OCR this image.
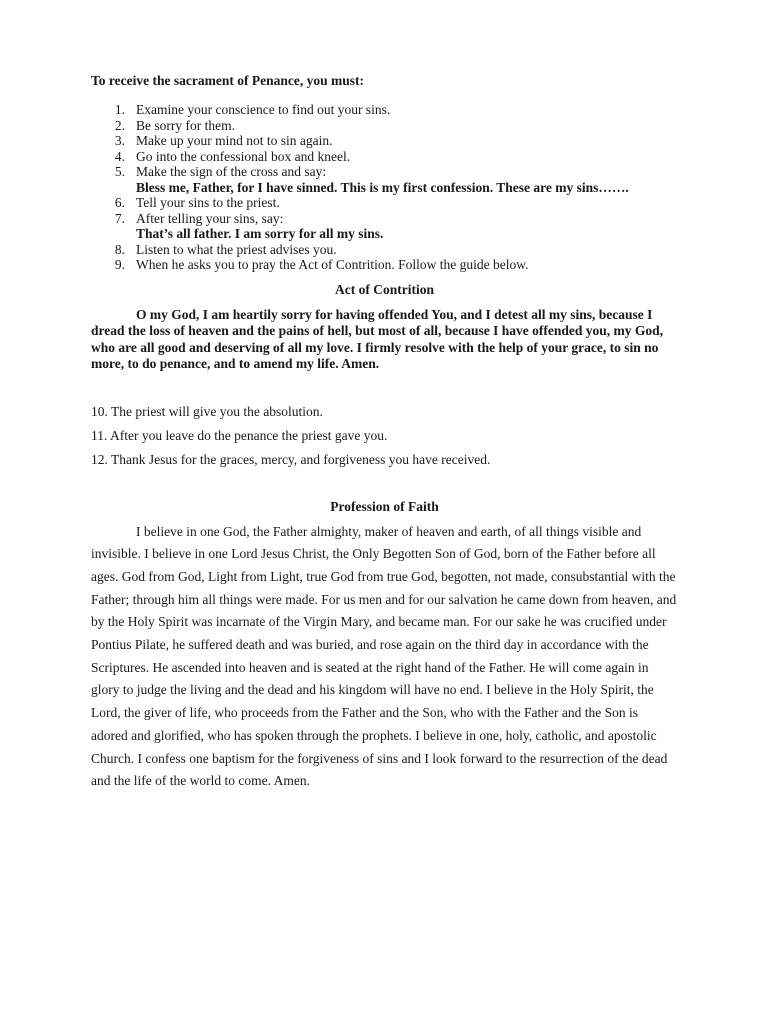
To receive the sacrament of Penance, you must:
1. Examine your conscience to find out your sins.
2. Be sorry for them.
3. Make up your mind not to sin again.
4. Go into the confessional box and kneel.
5. Make the sign of the cross and say:
Bless me, Father, for I have sinned. This is my first confession. These are my sins…….
6. Tell your sins to the priest.
7. After telling your sins, say:
That’s all father. I am sorry for all my sins.
8. Listen to what the priest advises you.
9. When he asks you to pray the Act of Contrition. Follow the guide below.
Act of Contrition

O my God, I am heartily sorry for having offended You, and I detest all my sins, because I dread the loss of heaven and the pains of hell, but most of all, because I have offended you, my God, who are all good and deserving of all my love. I firmly resolve with the help of your grace, to sin no more, to do penance, and to amend my life. Amen.

10. The priest will give you the absolution.
11. After you leave do the penance the priest gave you.
12. Thank Jesus for the graces, mercy, and forgiveness you have received.
Profession of Faith

I believe in one God, the Father almighty, maker of heaven and earth, of all things visible and invisible. I believe in one Lord Jesus Christ, the Only Begotten Son of God, born of the Father before all ages. God from God, Light from Light, true God from true God, begotten, not made, consubstantial with the Father; through him all things were made. For us men and for our salvation he came down from heaven, and by the Holy Spirit was incarnate of the Virgin Mary, and became man. For our sake he was crucified under Pontius Pilate, he suffered death and was buried, and rose again on the third day in accordance with the Scriptures. He ascended into heaven and is seated at the right hand of the Father. He will come again in glory to judge the living and the dead and his kingdom will have no end. I believe in the Holy Spirit, the Lord, the giver of life, who proceeds from the Father and the Son, who with the Father and the Son is adored and glorified, who has spoken through the prophets. I believe in one, holy, catholic, and apostolic Church. I confess one baptism for the forgiveness of sins and I look forward to the resurrection of the dead and the life of the world to come. Amen.
